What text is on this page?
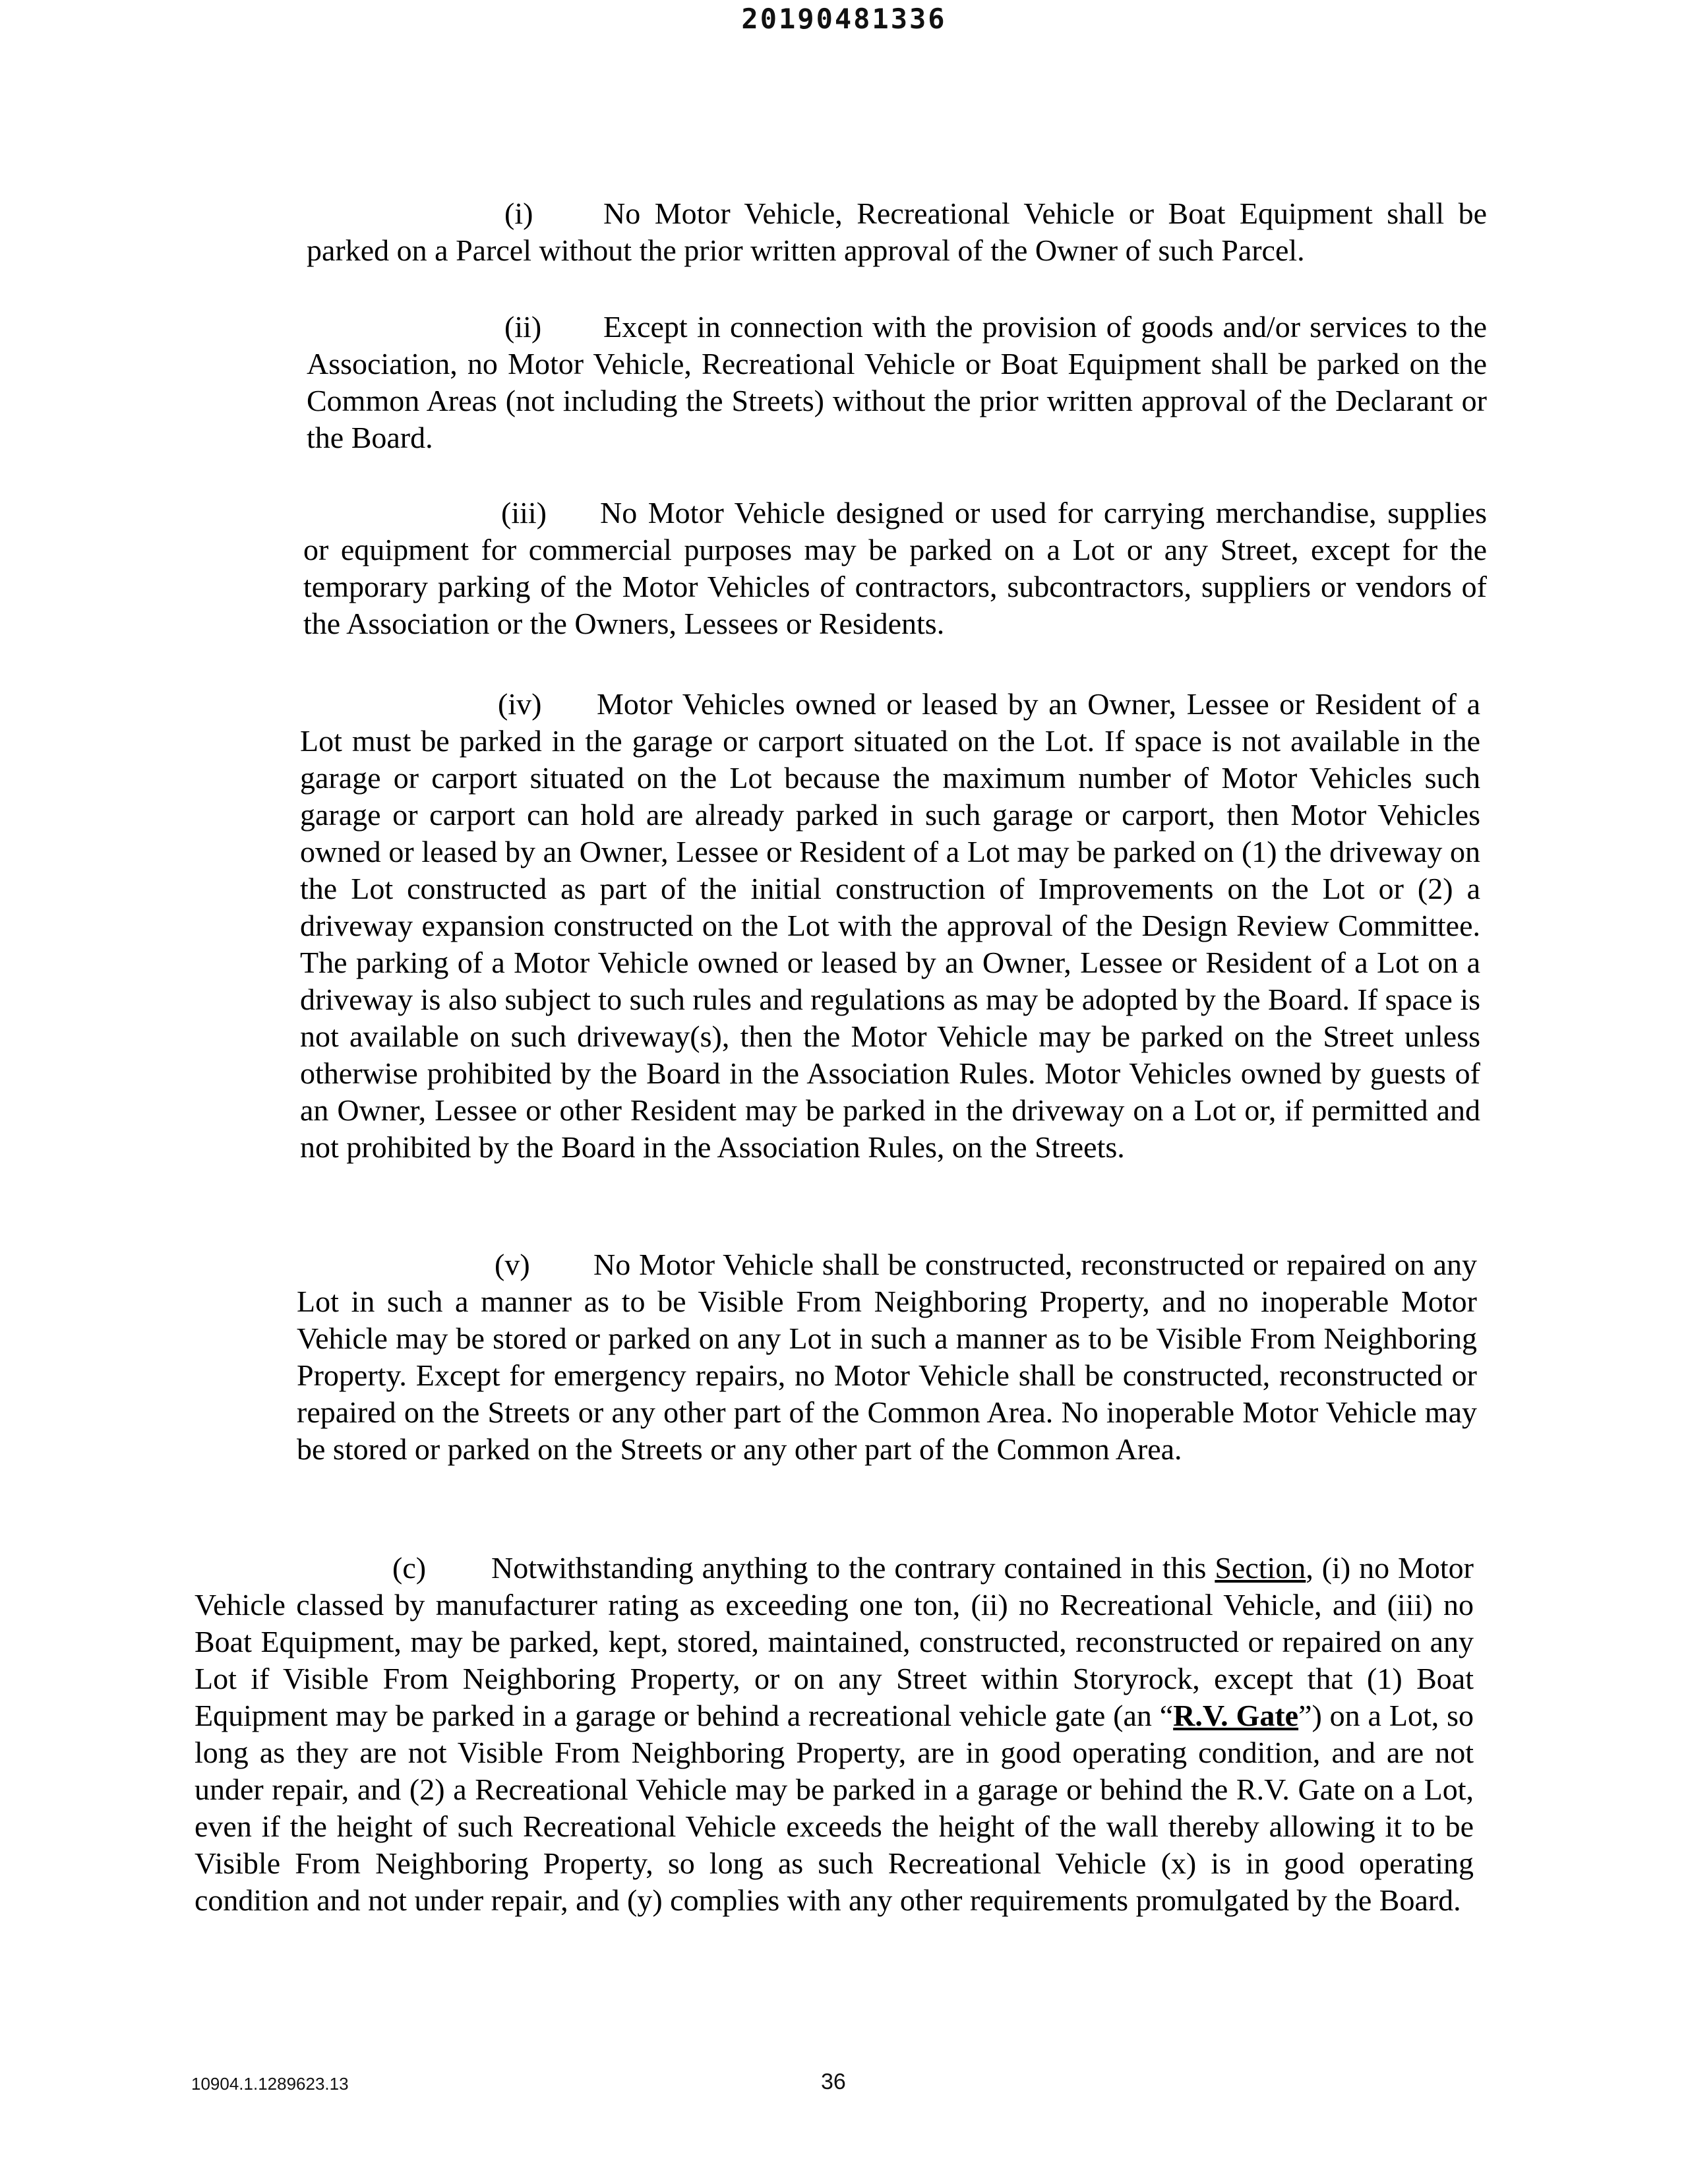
20190481336

(i) No Motor Vehicle, Recreational Vehicle or Boat Equipment shall be parked on a Parcel without the prior written approval of the Owner of such Parcel.

(ii) Except in connection with the provision of goods and/or services to the Association, no Motor Vehicle, Recreational Vehicle or Boat Equipment shall be parked on the Common Areas (not including the Streets) without the prior written approval of the Declarant or the Board.

(iii) No Motor Vehicle designed or used for carrying merchandise, supplies or equipment for commercial purposes may be parked on a Lot or any Street, except for the temporary parking of the Motor Vehicles of contractors, subcontractors, suppliers or vendors of the Association or the Owners, Lessees or Residents.

(iv) Motor Vehicles owned or leased by an Owner, Lessee or Resident of a Lot must be parked in the garage or carport situated on the Lot. If space is not available in the garage or carport situated on the Lot because the maximum number of Motor Vehicles such garage or carport can hold are already parked in such garage or carport, then Motor Vehicles owned or leased by an Owner, Lessee or Resident of a Lot may be parked on (1) the driveway on the Lot constructed as part of the initial construction of Improvements on the Lot or (2) a driveway expansion constructed on the Lot with the approval of the Design Review Committee. The parking of a Motor Vehicle owned or leased by an Owner, Lessee or Resident of a Lot on a driveway is also subject to such rules and regulations as may be adopted by the Board. If space is not available on such driveway(s), then the Motor Vehicle may be parked on the Street unless otherwise prohibited by the Board in the Association Rules. Motor Vehicles owned by guests of an Owner, Lessee or other Resident may be parked in the driveway on a Lot or, if permitted and not prohibited by the Board in the Association Rules, on the Streets.

(v) No Motor Vehicle shall be constructed, reconstructed or repaired on any Lot in such a manner as to be Visible From Neighboring Property, and no inoperable Motor Vehicle may be stored or parked on any Lot in such a manner as to be Visible From Neighboring Property. Except for emergency repairs, no Motor Vehicle shall be constructed, reconstructed or repaired on the Streets or any other part of the Common Area. No inoperable Motor Vehicle may be stored or parked on the Streets or any other part of the Common Area.

(c) Notwithstanding anything to the contrary contained in this Section, (i) no Motor Vehicle classed by manufacturer rating as exceeding one ton, (ii) no Recreational Vehicle, and (iii) no Boat Equipment, may be parked, kept, stored, maintained, constructed, reconstructed or repaired on any Lot if Visible From Neighboring Property, or on any Street within Storyrock, except that (1) Boat Equipment may be parked in a garage or behind a recreational vehicle gate (an “R.V. Gate”) on a Lot, so long as they are not Visible From Neighboring Property, are in good operating condition, and are not under repair, and (2) a Recreational Vehicle may be parked in a garage or behind the R.V. Gate on a Lot, even if the height of such Recreational Vehicle exceeds the height of the wall thereby allowing it to be Visible From Neighboring Property, so long as such Recreational Vehicle (x) is in good operating condition and not under repair, and (y) complies with any other requirements promulgated by the Board.

10904.1.1289623.13	36
